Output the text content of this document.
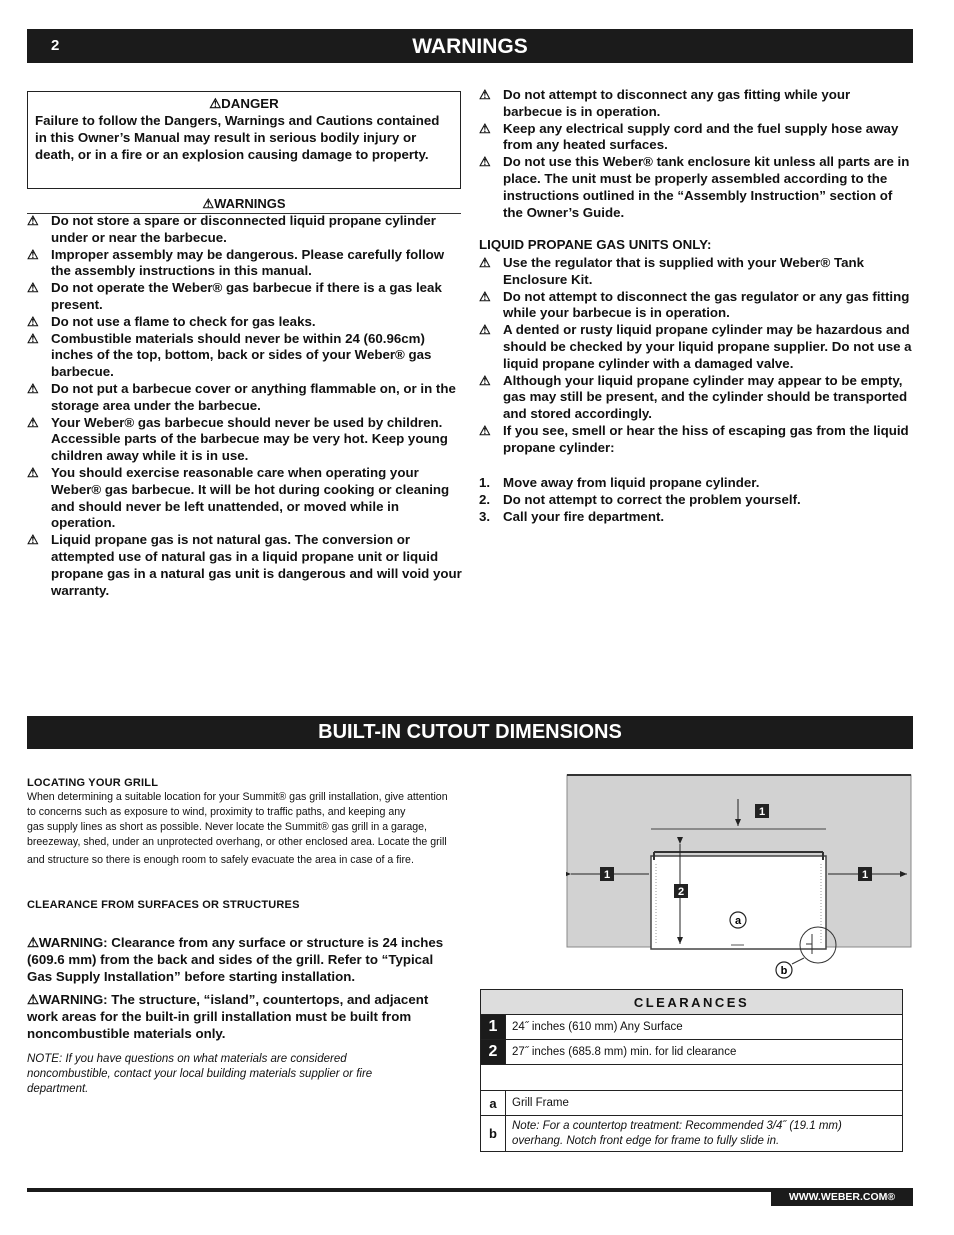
2	WARNINGS
⚠DANGER
Failure to follow the Dangers, Warnings and Cautions contained in this Owner’s Manual may result in serious bodily injury or death, or in a fire or an explosion causing damage to property.
⚠WARNINGS
⚠ Do not store a spare or disconnected liquid propane cylinder under or near the barbecue.
⚠ Improper assembly may be dangerous. Please carefully follow the assembly instructions in this manual.
⚠ Do not operate the Weber® gas barbecue if there is a gas leak present.
⚠ Do not use a flame to check for gas leaks.
⚠ Combustible materials should never be within 24 (60.96cm) inches of the top, bottom, back or sides of your Weber® gas barbecue.
⚠ Do not put a barbecue cover or anything flammable on, or in the storage area under the barbecue.
⚠ Your Weber® gas barbecue should never be used by children. Accessible parts of the barbecue may be very hot. Keep young children away while it is in use.
⚠ You should exercise reasonable care when operating your Weber® gas barbecue. It will be hot during cooking or cleaning and should never be left unattended, or moved while in operation.
⚠ Liquid propane gas is not natural gas. The conversion or attempted use of natural gas in a liquid propane unit or liquid propane gas in a natural gas unit is dangerous and will void your warranty.
⚠ Do not attempt to disconnect any gas fitting while your barbecue is in operation.
⚠ Keep any electrical supply cord and the fuel supply hose away from any heated surfaces.
⚠ Do not use this Weber® tank enclosure kit unless all parts are in place. The unit must be properly assembled according to the instructions outlined in the “Assembly Instruction” section of the Owner’s Guide.
LIQUID PROPANE GAS UNITS ONLY:
⚠ Use the regulator that is supplied with your Weber® Tank Enclosure Kit.
⚠ Do not attempt to disconnect the gas regulator or any gas fitting while your barbecue is in operation.
⚠ A dented or rusty liquid propane cylinder may be hazardous and should be checked by your liquid propane supplier. Do not use a liquid propane cylinder with a damaged valve.
⚠ Although your liquid propane cylinder may appear to be empty, gas may still be present, and the cylinder should be transported and stored accordingly.
⚠ If you see, smell or hear the hiss of escaping gas from the liquid propane cylinder:
1. Move away from liquid propane cylinder.
2. Do not attempt to correct the problem yourself.
3. Call your fire department.
BUILT-IN CUTOUT DIMENSIONS
LOCATING YOUR GRILL
When determining a suitable location for your Summit® gas grill installation, give attention
to concerns such as exposure to wind, proximity to traffic paths, and keeping any
gas supply lines as short as possible. Never locate the Summit® gas grill in a garage,
breezeway, shed, under an unprotected overhang, or other enclosed area. Locate the grill
and structure so there is enough room to safely evacuate the area in case of a fire.
CLEARANCE FROM SURFACES OR STRUCTURES
⚠WARNING: Clearance from any surface or structure is 24 inches (609.6 mm) from the back and sides of the grill. Refer to “Typical Gas Supply Installation” before starting installation.
⚠WARNING: The structure, “island”, countertops, and adjacent work areas for the built-in grill installation must be built from noncombustible materials only.
NOTE: If you have questions on what materials are considered noncombustible, contact your local building materials supplier or fire department.
1
1	1
2
a
b
CLEARANCES	
1	24˝ inches (610 mm) Any Surface
2	27˝ inches (685.8 mm) min. for lid clearance

a	Grill Frame
b	Note: For a countertop treatment: Recommended 3/4˝ (19.1 mm) overhang. Notch front edge for frame to fully slide in.
WWW.WEBER.COM®
